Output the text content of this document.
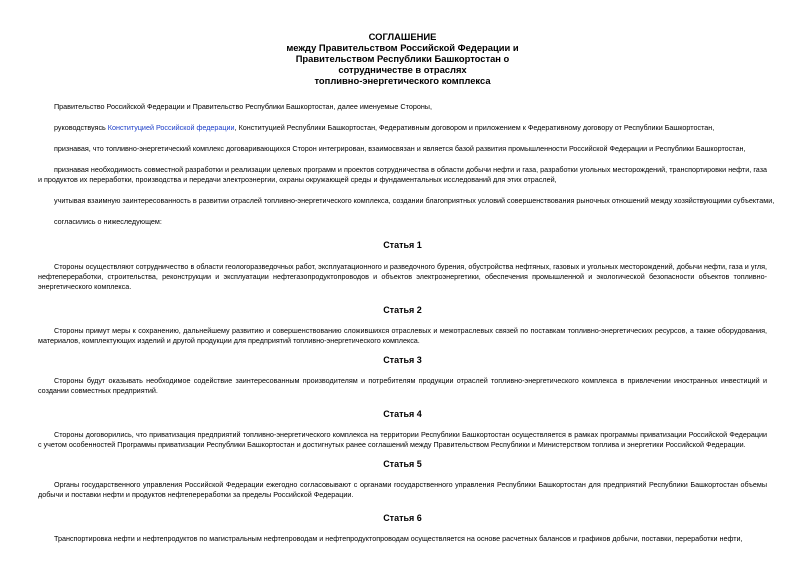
СОГЛАШЕНИЕ
между Правительством Российской Федерации и
Правительством Республики Башкортостан о
сотрудничестве в отраслях
топливно-энергетического комплекса

Правительство Российской Федерации и Правительство Республики Башкортостан, далее именуемые Стороны,

руководствуясь Конституцией Российской федерации, Конституцией Республики Башкортостан, Федеративным договором и приложением к Федеративному договору от Республики Башкортостан,

признавая, что топливно-энергетический комплекс договаривающихся Сторон интегрирован, взаимосвязан и является базой развития промышленности Российской Федерации и Республики Башкортостан,

признавая необходимость совместной разработки и реализации целевых программ и проектов сотрудничества в области добычи нефти и газа, разработки угольных месторождений, транспортировки нефти, газа и продуктов их переработки, производства и передачи электроэнергии, охраны окружающей среды и фундаментальных исследований для этих отраслей,

учитывая взаимную заинтересованность в развитии отраслей топливно-энергетического комплекса, создании благоприятных условий совершенствования рыночных отношений между хозяйствующими субъектами,

согласились о нижеследующем:

Статья 1

Стороны осуществляют сотрудничество в области геологоразведочных работ, эксплуатационного и разведочного бурения, обустройства нефтяных, газовых и угольных месторождений, добычи нефти, газа и угля, нефтепереработки, строительства, реконструкции и эксплуатации нефтегазопродуктопроводов и объектов электроэнергетики, обеспечения промышленной и экологической безопасности объектов топливно-энергетического комплекса.

Статья 2

Стороны примут меры к сохранению, дальнейшему развитию и совершенствованию сложившихся отраслевых и межотраслевых связей по поставкам топливно-энергетических ресурсов, а также оборудования, материалов, комплектующих изделий и другой продукции для предприятий топливно-энергетического комплекса.

Статья 3

Стороны будут оказывать необходимое содействие заинтересованным производителям и потребителям продукции отраслей топливно-энергетического комплекса в привлечении иностранных инвестиций и создании совместных предприятий.

Статья 4

Стороны договорились, что приватизация предприятий топливно-энергетического комплекса на территории Республики Башкортостан осуществляется в рамках программы приватизации Российской Федерации с учетом особенностей Программы приватизации Республики Башкортостан и достигнутых ранее соглашений между Правительством Республики и Министерством топлива и энергетики Российской Федерации.

Статья 5

Органы государственного управления Российской Федерации ежегодно согласовывают с органами государственного управления Республики Башкортостан для предприятий Республики Башкортостан объемы добычи и поставки нефти и продуктов нефтепереработки за пределы Российской Федерации.

Статья 6

Транспортировка нефти и нефтепродуктов по магистральным нефтепроводам и нефтепродуктопроводам осуществляется на основе расчетных балансов и графиков добычи, поставки, переработки нефти,
